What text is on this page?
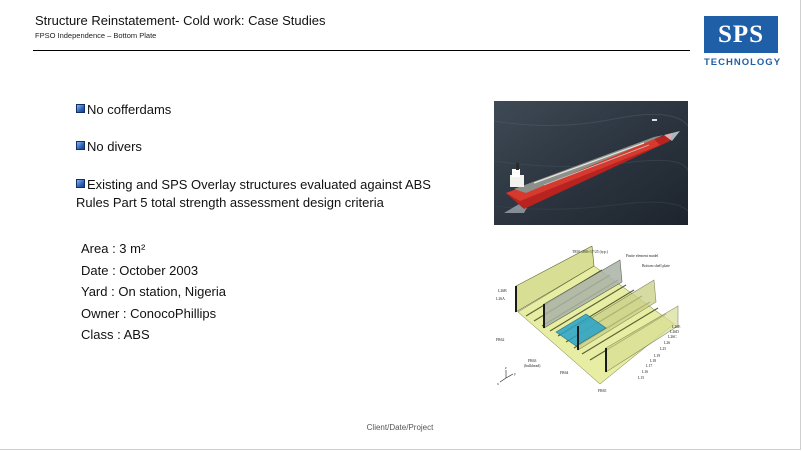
Structure Reinstatement- Cold work: Case Studies
FPSO Independence – Bottom Plate	SPS
TECHNOLOGY
No cofferdams
No divers
Existing and SPS Overlay structures evaluated against ABS
Rules Part 5 total strength assessment design criteria
Area : 3 m²
Date : October 2003
Yard : On station, Nigeria
Owner : ConocoPhillips
Class : ABS
T850×200×17/25 (typ.)
Finite element model
Bottom shell plate
L26B
L26A
FR62
FR63
(bulkhead)
FR64
FR65
L26E
L26D
L26C
L26
L25
L19
L18
L17
L16
L15
z
y
x
Client/Date/Project
